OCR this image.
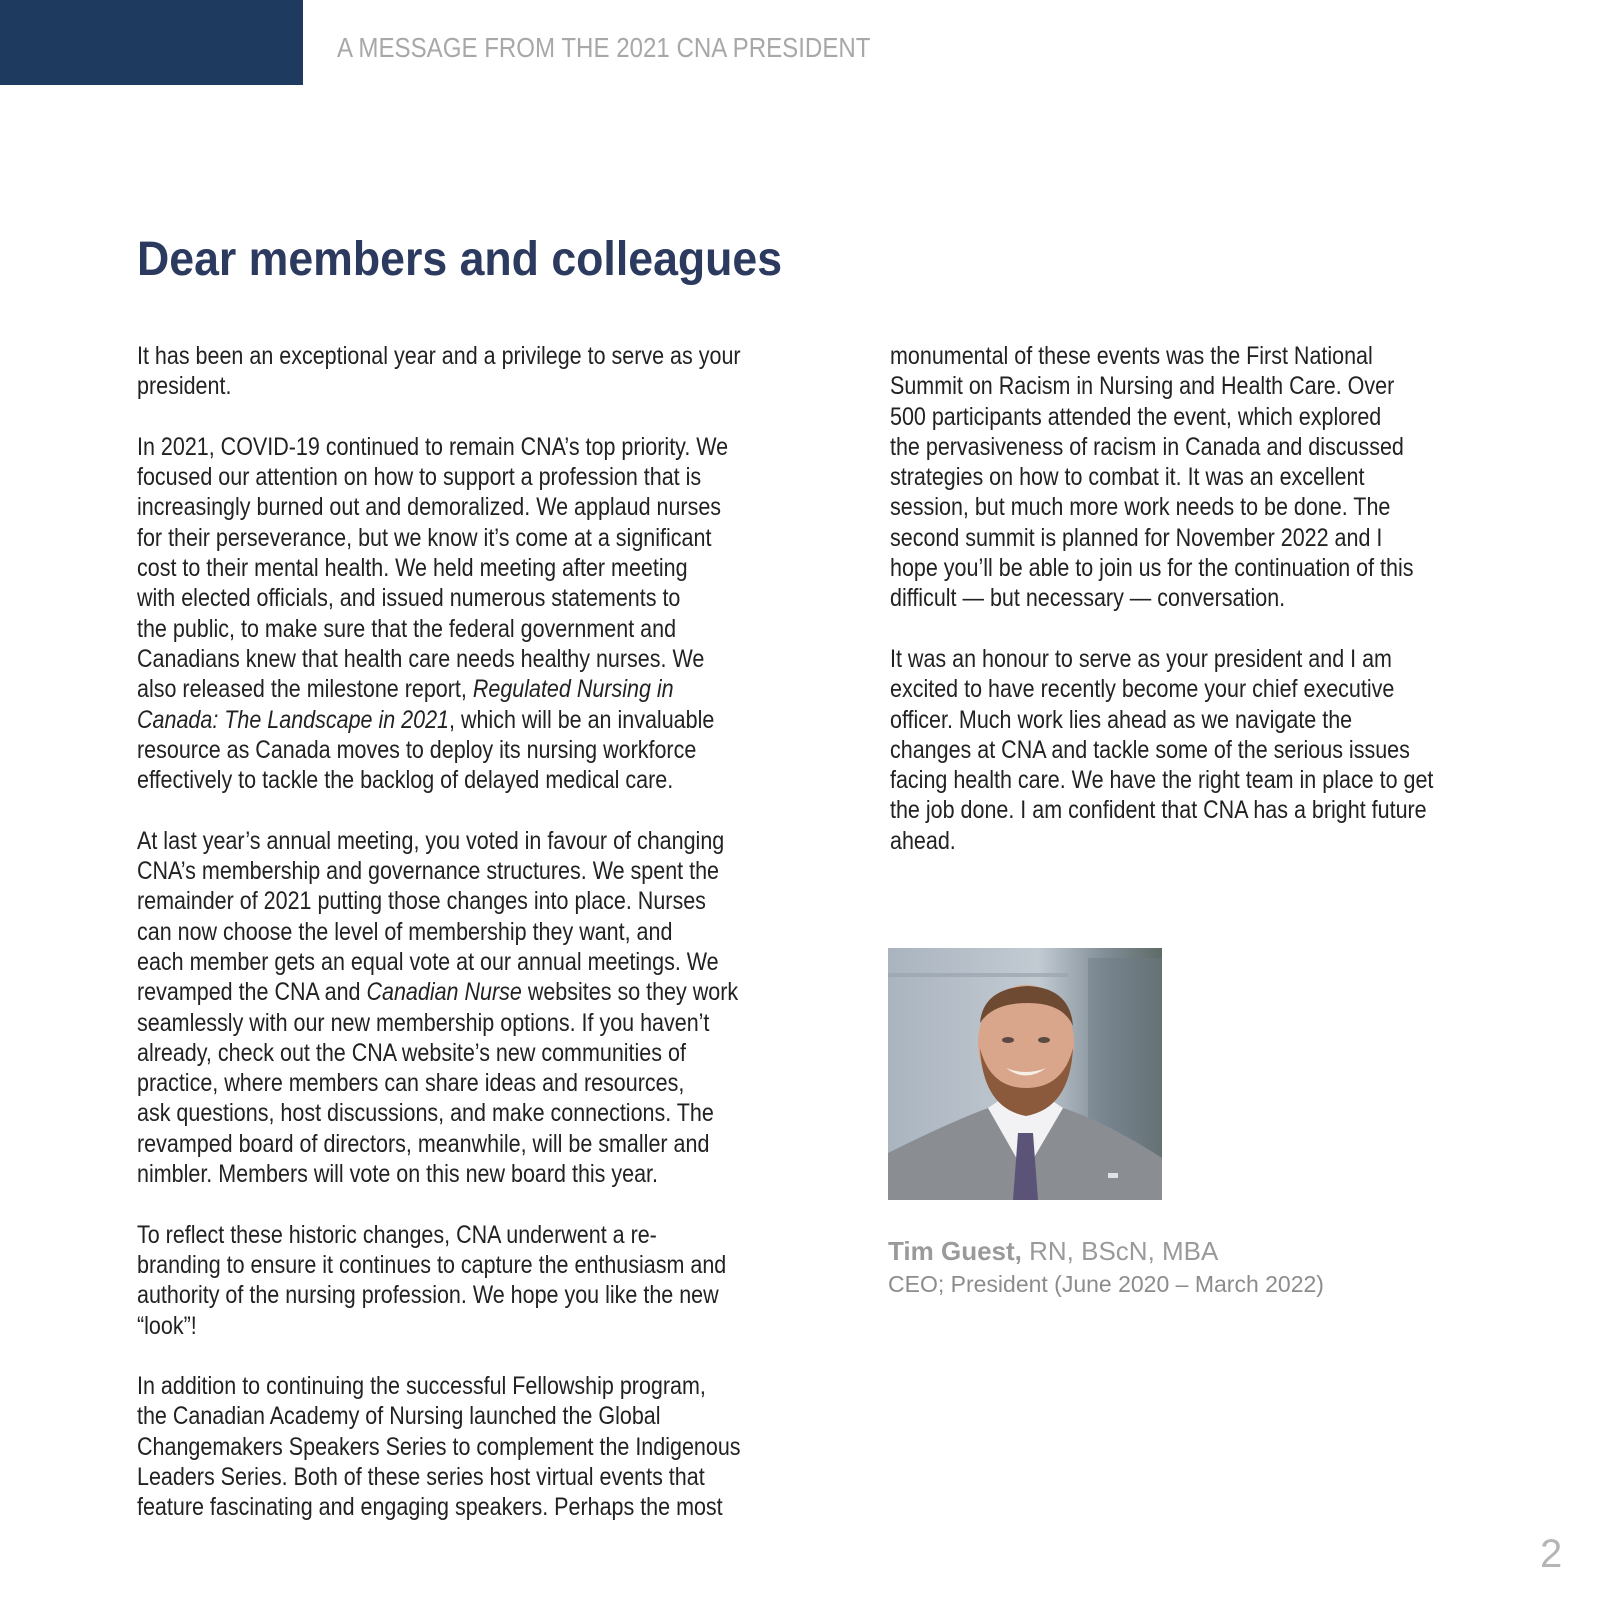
A MESSAGE FROM THE 2021 CNA PRESIDENT
Dear members and colleagues

It has been an exceptional year and a privilege to serve as your
president.

In 2021, COVID-19 continued to remain CNA’s top priority. We
focused our attention on how to support a profession that is
increasingly burned out and demoralized. We applaud nurses
for their perseverance, but we know it’s come at a significant
cost to their mental health. We held meeting after meeting
with elected officials, and issued numerous statements to
the public, to make sure that the federal government and
Canadians knew that health care needs healthy nurses. We
also released the milestone report, Regulated Nursing in
Canada: The Landscape in 2021, which will be an invaluable
resource as Canada moves to deploy its nursing workforce
effectively to tackle the backlog of delayed medical care.

At last year’s annual meeting, you voted in favour of changing
CNA’s membership and governance structures. We spent the
remainder of 2021 putting those changes into place. Nurses
can now choose the level of membership they want, and
each member gets an equal vote at our annual meetings. We
revamped the CNA and Canadian Nurse websites so they work
seamlessly with our new membership options. If you haven’t
already, check out the CNA website’s new communities of
practice, where members can share ideas and resources,
ask questions, host discussions, and make connections. The
revamped board of directors, meanwhile, will be smaller and
nimbler. Members will vote on this new board this year.

To reflect these historic changes, CNA underwent a re-
branding to ensure it continues to capture the enthusiasm and
authority of the nursing profession. We hope you like the new
“look”!

In addition to continuing the successful Fellowship program,
the Canadian Academy of Nursing launched the Global
Changemakers Speakers Series to complement the Indigenous
Leaders Series. Both of these series host virtual events that
feature fascinating and engaging speakers. Perhaps the most

monumental of these events was the First National
Summit on Racism in Nursing and Health Care. Over
500 participants attended the event, which explored
the pervasiveness of racism in Canada and discussed
strategies on how to combat it. It was an excellent
session, but much more work needs to be done. The
second summit is planned for November 2022 and I
hope you’ll be able to join us for the continuation of this
difficult — but necessary — conversation.

It was an honour to serve as your president and I am
excited to have recently become your chief executive
officer. Much work lies ahead as we navigate the
changes at CNA and tackle some of the serious issues
facing health care. We have the right team in place to get
the job done. I am confident that CNA has a bright future
ahead.

Tim Guest, RN, BScN, MBA
CEO; President (June 2020 – March 2022)
2
